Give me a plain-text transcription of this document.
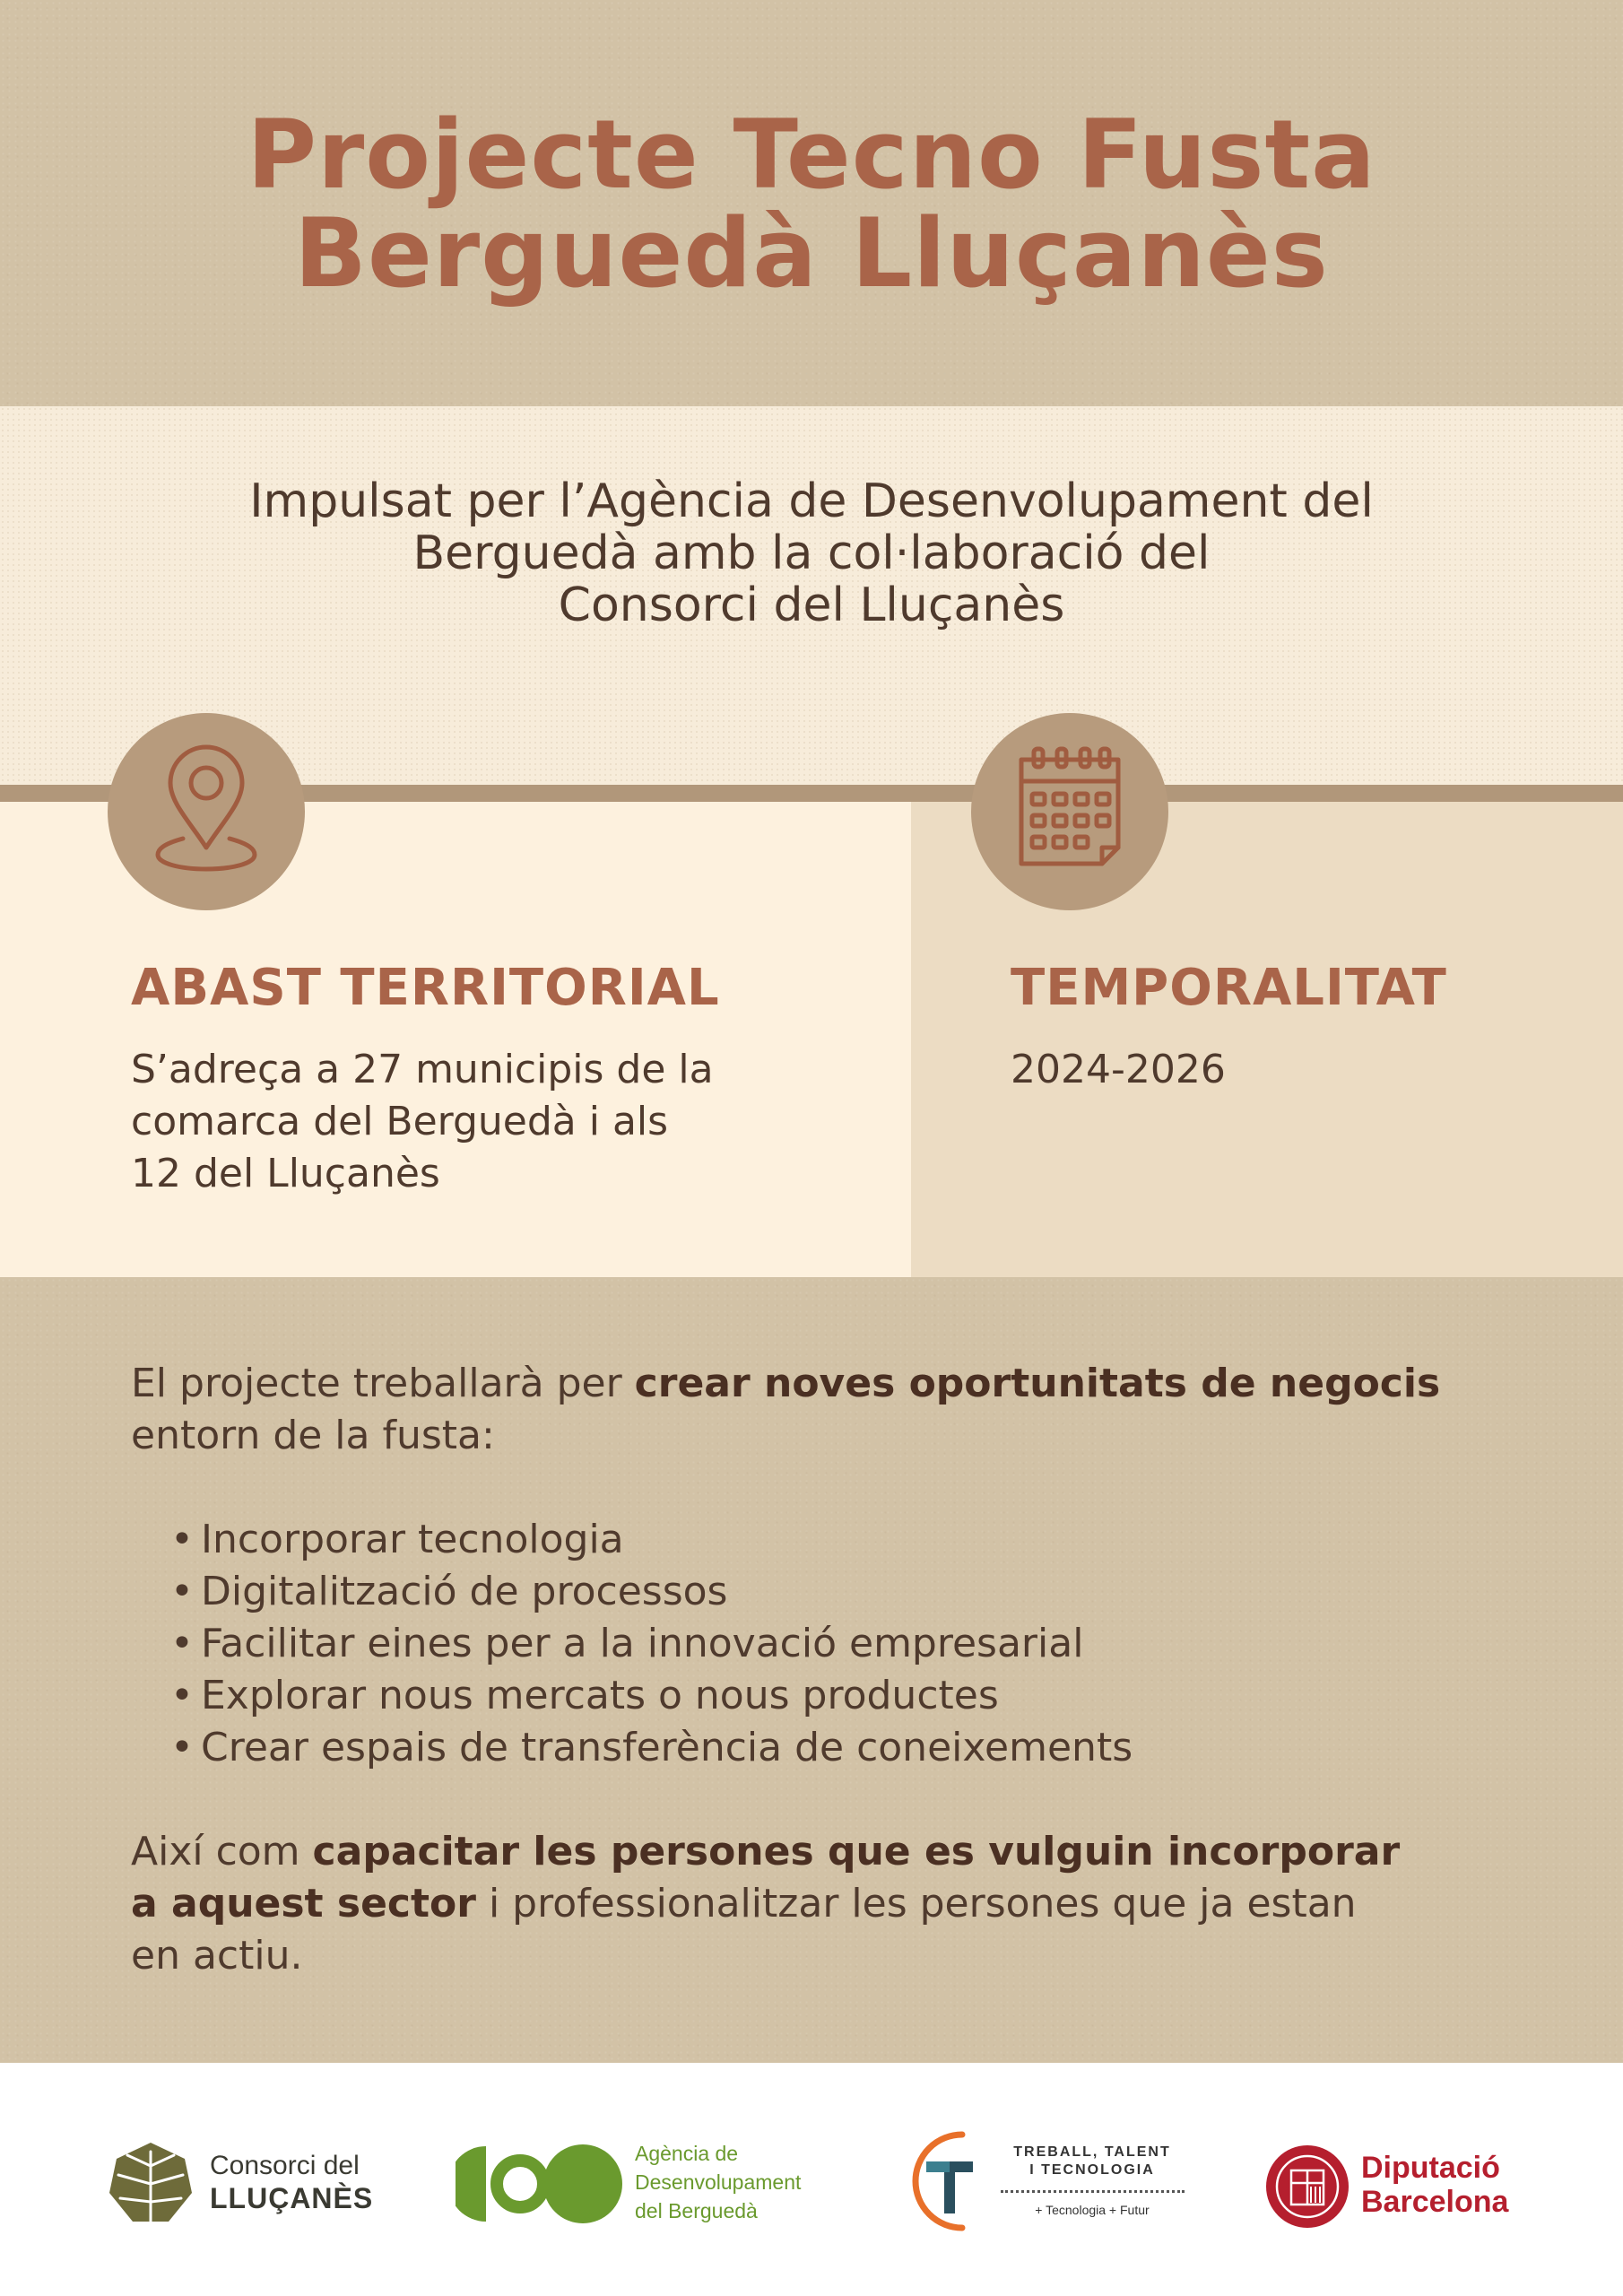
Projecte Tecno Fusta
Berguedà Lluçanès
Impulsat per l’Agència de Desenvolupament del
Berguedà amb la col·laboració del
Consorci del Lluçanès
ABAST TERRITORIAL
S’adreça a 27 municipis de la
comarca del Berguedà i als
12 del Lluçanès
TEMPORALITAT
2024-2026
El projecte treballarà per crear noves oportunitats de negocis
entorn de la fusta:
• Incorporar tecnologia
• Digitalització de processos
• Facilitar eines per a la innovació empresarial
• Explorar nous mercats o nous productes
• Crear espais de transferència de coneixements
Així com capacitar les persones que es vulguin incorporar
a aquest sector i professionalitzar les persones que ja estan
en actiu.
Consorci del
LLUÇANÈS
Agència de
Desenvolupament
del Berguedà
TREBALL, TALENT
I TECNOLOGIA
+ Tecnologia + Futur
Diputació
Barcelona
